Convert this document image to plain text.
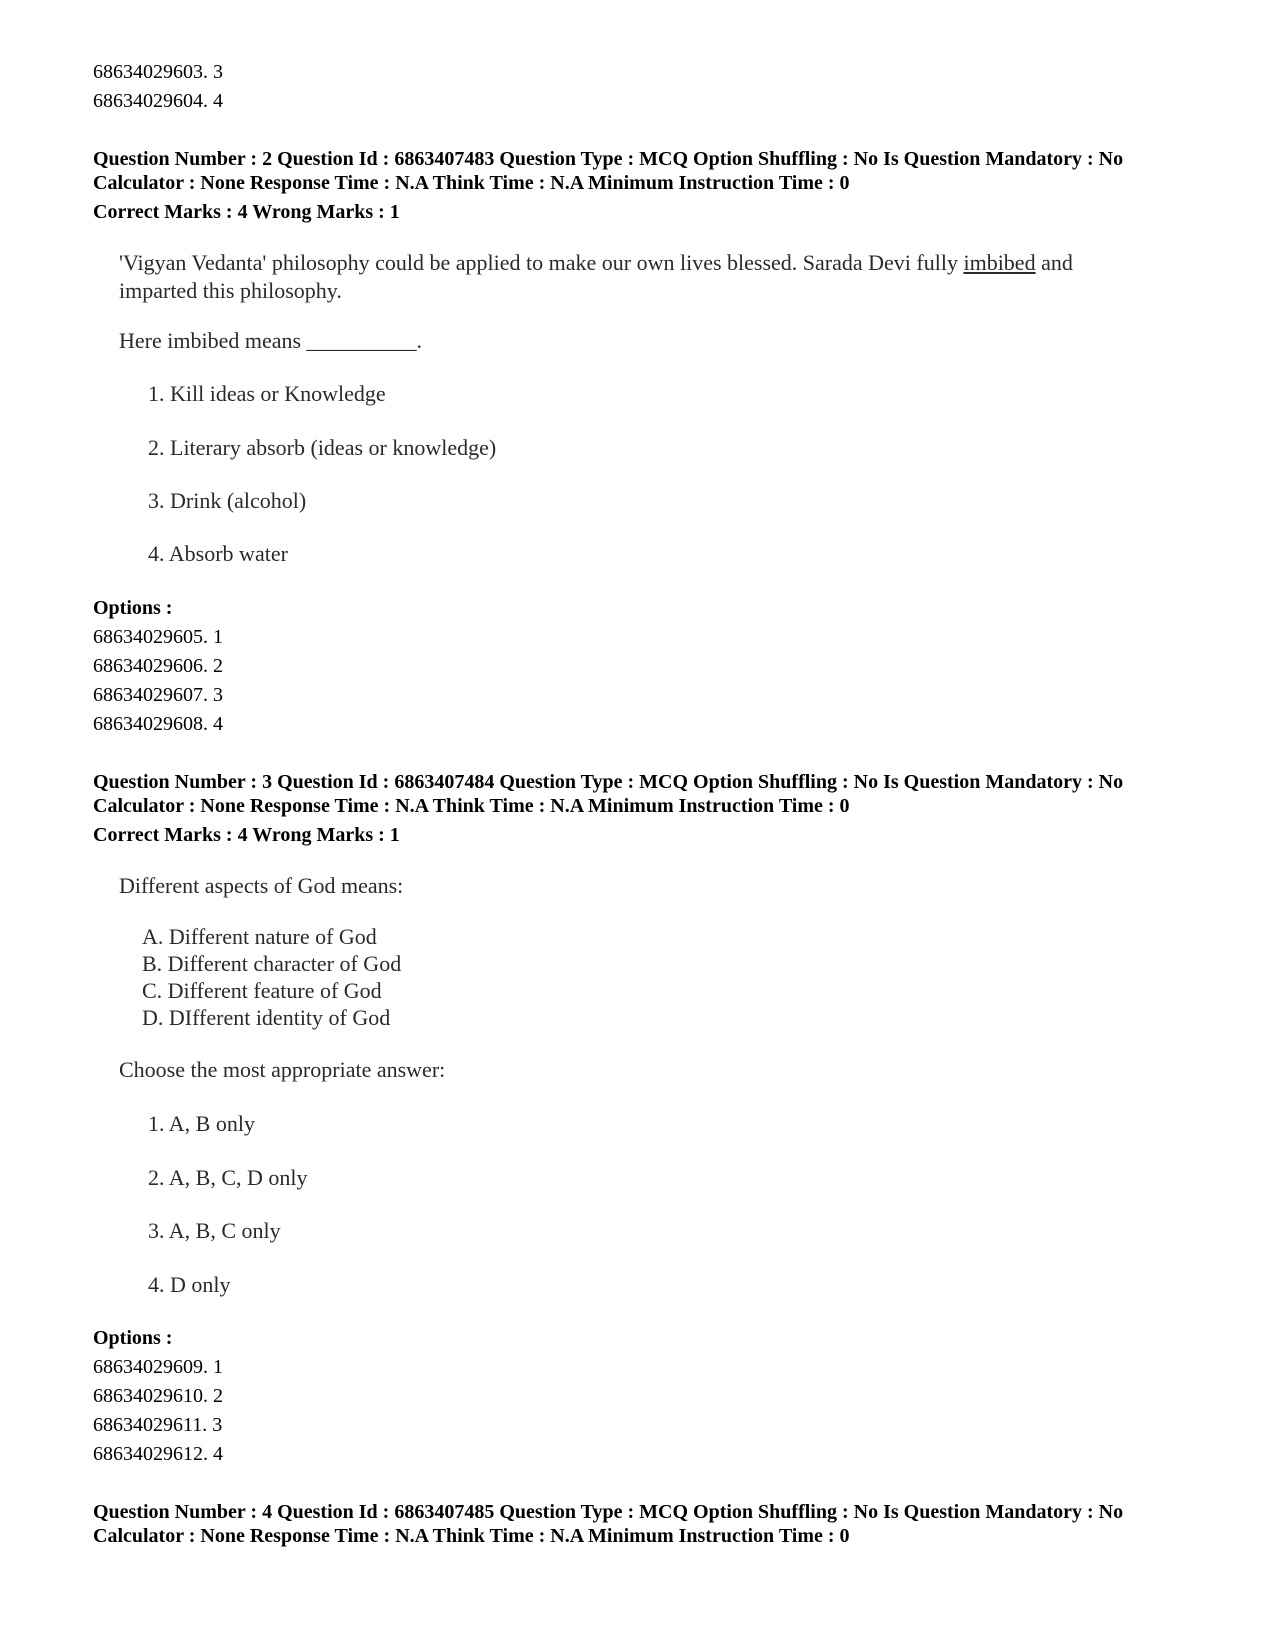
68634029603. 3
68634029604. 4
Question Number : 2 Question Id : 6863407483 Question Type : MCQ Option Shuffling : No Is Question Mandatory : No
Calculator : None Response Time : N.A Think Time : N.A Minimum Instruction Time : 0
Correct Marks : 4 Wrong Marks : 1
'Vigyan Vedanta' philosophy could be applied to make our own lives blessed. Sarada Devi fully imbibed and
imparted this philosophy.
Here imbibed means __________.
1. Kill ideas or Knowledge
2. Literary absorb (ideas or knowledge)
3. Drink (alcohol)
4. Absorb water
Options :
68634029605. 1
68634029606. 2
68634029607. 3
68634029608. 4
Question Number : 3 Question Id : 6863407484 Question Type : MCQ Option Shuffling : No Is Question Mandatory : No
Calculator : None Response Time : N.A Think Time : N.A Minimum Instruction Time : 0
Correct Marks : 4 Wrong Marks : 1
Different aspects of God means:
A. Different nature of God
B. Different character of God
C. Different feature of God
D. DIfferent identity of God
Choose the most appropriate answer:
1. A, B only
2. A, B, C, D only
3. A, B, C only
4. D only
Options :
68634029609. 1
68634029610. 2
68634029611. 3
68634029612. 4
Question Number : 4 Question Id : 6863407485 Question Type : MCQ Option Shuffling : No Is Question Mandatory : No
Calculator : None Response Time : N.A Think Time : N.A Minimum Instruction Time : 0
